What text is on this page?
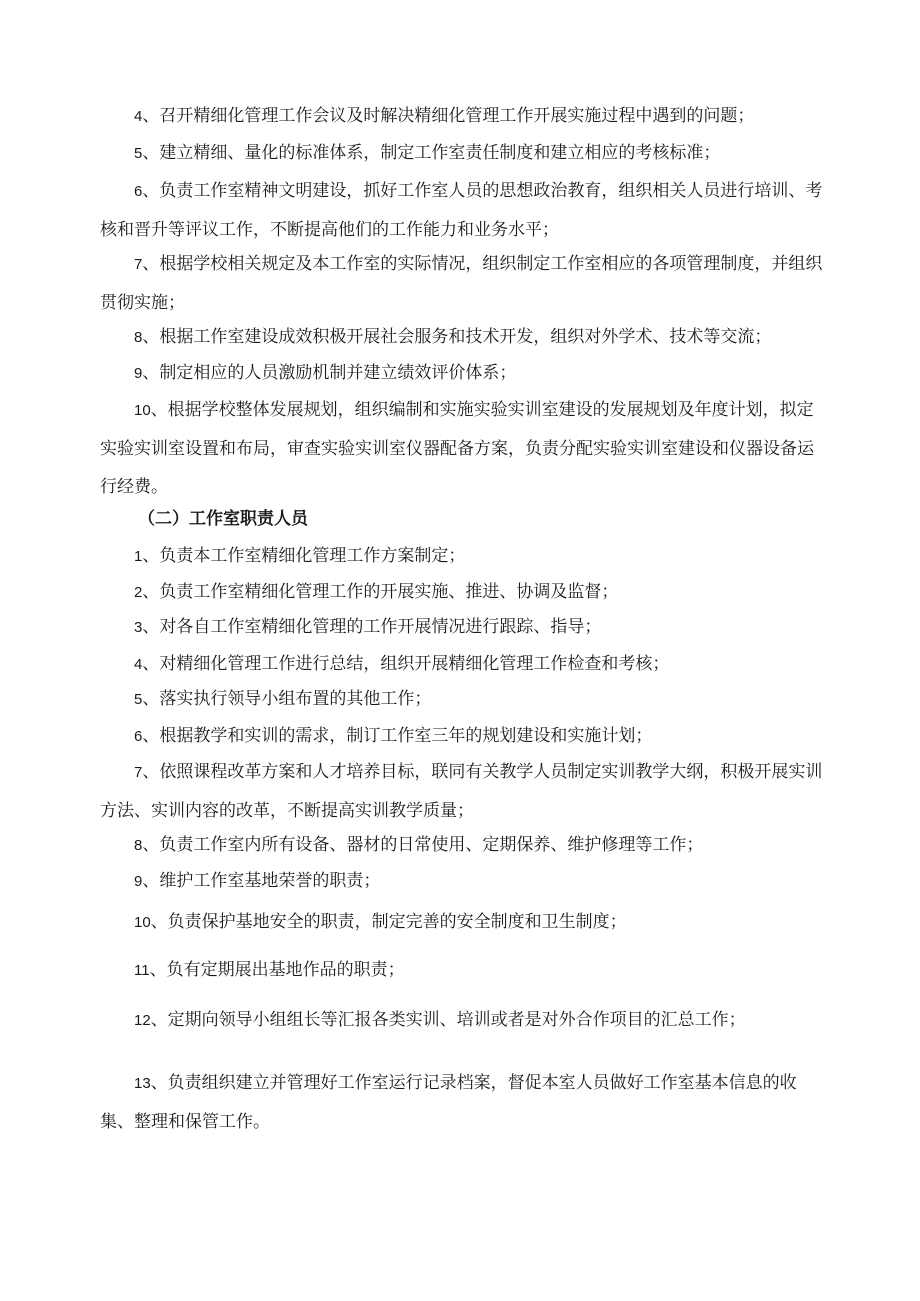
4、召开精细化管理工作会议及时解决精细化管理工作开展实施过程中遇到的问题；

5、建立精细、量化的标准体系，制定工作室责任制度和建立相应的考核标准；

6、负责工作室精神文明建设，抓好工作室人员的思想政治教育，组织相关人员进行培训、考核和晋升等评议工作，不断提高他们的工作能力和业务水平；

7、根据学校相关规定及本工作室的实际情况，组织制定工作室相应的各项管理制度，并组织贯彻实施；

8、根据工作室建设成效积极开展社会服务和技术开发，组织对外学术、技术等交流；

9、制定相应的人员激励机制并建立绩效评价体系；

10、根据学校整体发展规划，组织编制和实施实验实训室建设的发展规划及年度计划，拟定实验实训室设置和布局，审查实验实训室仪器配备方案，负责分配实验实训室建设和仪器设备运行经费。

（二）工作室职责人员

1、负责本工作室精细化管理工作方案制定；

2、负责工作室精细化管理工作的开展实施、推进、协调及监督；

3、对各自工作室精细化管理的工作开展情况进行跟踪、指导；

4、对精细化管理工作进行总结，组织开展精细化管理工作检查和考核；

5、落实执行领导小组布置的其他工作；

6、根据教学和实训的需求，制订工作室三年的规划建设和实施计划；

7、依照课程改革方案和人才培养目标，联同有关教学人员制定实训教学大纲，积极开展实训方法、实训内容的改革，不断提高实训教学质量；

8、负责工作室内所有设备、器材的日常使用、定期保养、维护修理等工作；

9、维护工作室基地荣誉的职责；

10、负责保护基地安全的职责，制定完善的安全制度和卫生制度；

11、负有定期展出基地作品的职责；

12、定期向领导小组组长等汇报各类实训、培训或者是对外合作项目的汇总工作；

13、负责组织建立并管理好工作室运行记录档案，督促本室人员做好工作室基本信息的收集、整理和保管工作。
